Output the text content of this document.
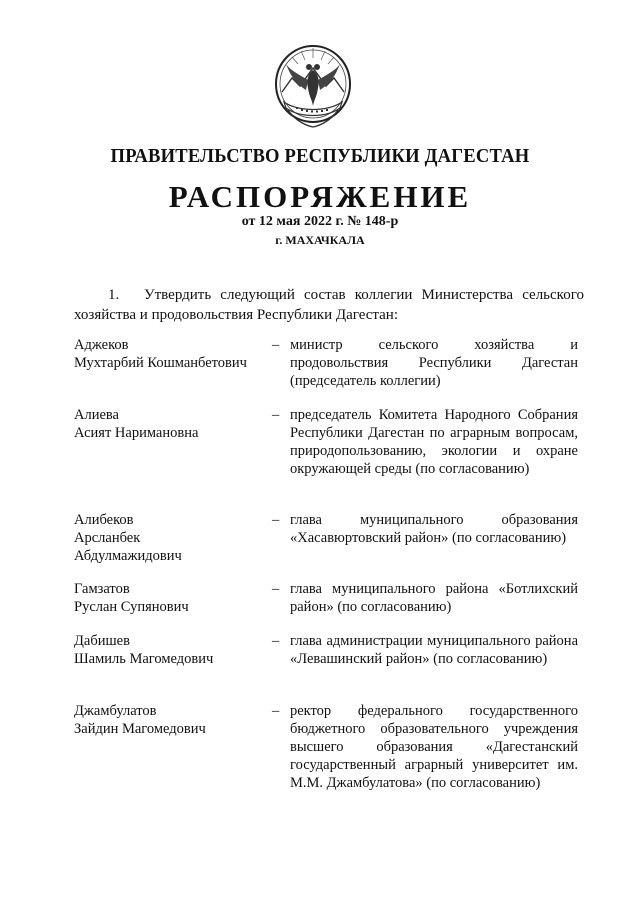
ПРАВИТЕЛЬСТВО РЕСПУБЛИКИ ДАГЕСТАН
РАСПОРЯЖЕНИЕ
от 12 мая 2022 г. № 148-р
г. МАХАЧКАЛА
1. Утвердить следующий состав коллегии Министерства сельского хозяйства и продовольствия Республики Дагестан:
Аджеков
Мухтарбий Кошманбетович
– министр сельского хозяйства и продовольствия Республики Дагестан (председатель коллегии)
Алиева
Асият Наримановна
– председатель Комитета Народного Собрания Республики Дагестан по аграрным вопросам, природопользованию, экологии и охране окружающей среды (по согласованию)
Алибеков
Арсланбек
Абдулмажидович
– глава муниципального образования «Хасавюртовский район» (по согласованию)
Гамзатов
Руслан Супянович
– глава муниципального района «Ботлихский район» (по согласованию)
Дабишев
Шамиль Магомедович
– глава администрации муниципального района «Левашинский район» (по согласованию)
Джамбулатов
Зайдин Магомедович
– ректор федерального государственного бюджетного образовательного учреждения высшего образования «Дагестанский государственный аграрный университет им. М.М. Джамбулатова» (по согласованию)
